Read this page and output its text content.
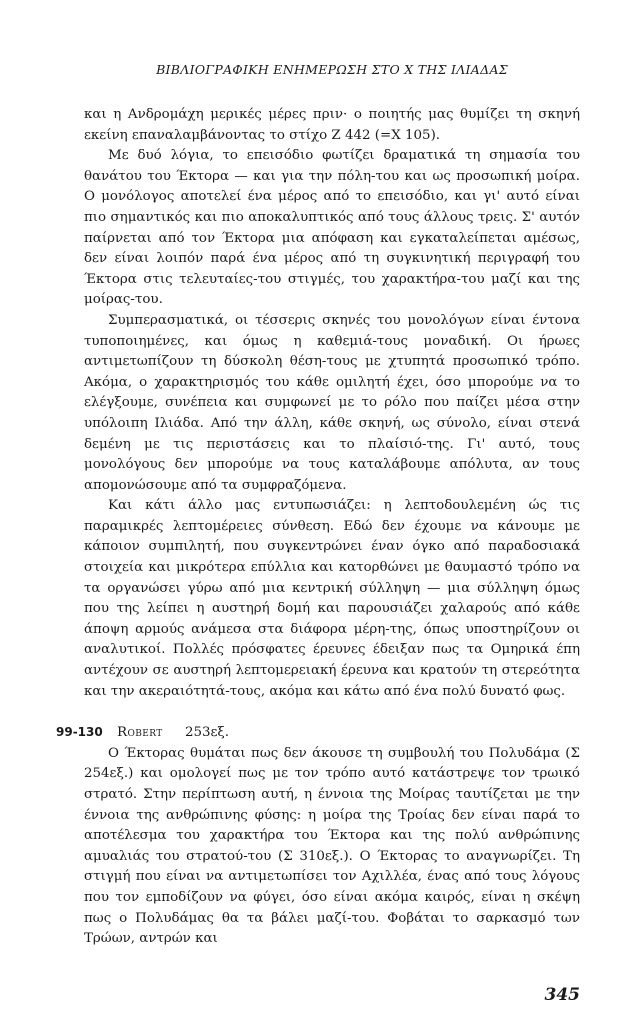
ΒΙΒΛΙΟΓΡΑΦΙΚΗ ΕΝΗΜΕΡΩΣΗ ΣΤΟ Χ ΤΗΣ ΙΛΙΑΔΑΣ

και η Ανδρομάχη μερικές μέρες πριν· ο ποιητής μας θυμίζει τη σκηνή εκείνη επαναλαμβάνοντας το στίχο Ζ 442 (=Χ 105).

Με δυό λόγια, το επεισόδιο φωτίζει δραματικά τη σημασία του θανάτου του Έκτορα — και για την πόλη-του και ως προσωπική μοίρα. Ο μονόλογος αποτελεί ένα μέρος από το επεισόδιο, και γι' αυτό είναι πιο σημαντικός και πιο αποκαλυπτικός από τους άλλους τρεις. Σ' αυτόν παίρνεται από τον Έκτορα μια απόφαση και εγκαταλείπεται αμέσως, δεν είναι λοιπόν παρά ένα μέρος από τη συγκινητική περιγραφή του Έκτορα στις τελευταίες-του στιγμές, του χαρακτήρα-του μαζί και της μοίρας-του.

Συμπερασματικά, οι τέσσερις σκηνές του μονολόγων είναι έντονα τυποποιημένες, και όμως η καθεμιά-τους μοναδική. Οι ήρωες αντιμετωπίζουν τη δύσκολη θέση-τους με χτυπητά προσωπικό τρόπο. Ακόμα, ο χαρακτηρισμός του κάθε ομιλητή έχει, όσο μπορούμε να το ελέγξουμε, συνέπεια και συμφωνεί με το ρόλο που παίζει μέσα στην υπόλοιπη Ιλιάδα. Από την άλλη, κάθε σκηνή, ως σύνολο, είναι στενά δεμένη με τις περιστάσεις και το πλαίσιό-της. Γι' αυτό, τους μονολόγους δεν μπορούμε να τους καταλάβουμε απόλυτα, αν τους απομονώσουμε από τα συμφραζόμενα.

Και κάτι άλλο μας εντυπωσιάζει: η λεπτοδουλεμένη ώς τις παραμικρές λεπτομέρειες σύνθεση. Εδώ δεν έχουμε να κάνουμε με κάποιον συμπιλητή, που συγκεντρώνει έναν όγκο από παραδοσιακά στοιχεία και μικρότερα επύλλια και κατορθώνει με θαυμαστό τρόπο να τα οργανώσει γύρω από μια κεντρική σύλληψη — μια σύλληψη όμως που της λείπει η αυστηρή δομή και παρουσιάζει χαλαρούς από κάθε άποψη αρμούς ανάμεσα στα διάφορα μέρη-της, όπως υποστηρίζουν οι αναλυτικοί. Πολλές πρόσφατες έρευνες έδειξαν πως τα Ομηρικά έπη αντέχουν σε αυστηρή λεπτομερειακή έρευνα και κρατούν τη στερεότητα και την ακεραιότητά-τους, ακόμα και κάτω από ένα πολύ δυνατό φως.

99-130 Robert 253εξ.

Ο Έκτορας θυμάται πως δεν άκουσε τη συμβουλή του Πολυδάμα (Σ 254εξ.) και ομολογεί πως με τον τρόπο αυτό κατάστρεψε τον τρωικό στρατό. Στην περίπτωση αυτή, η έννοια της Μοίρας ταυτίζεται με την έννοια της ανθρώπινης φύσης: η μοίρα της Τροίας δεν είναι παρά το αποτέλεσμα του χαρακτήρα του Έκτορα και της πολύ ανθρώπινης αμυαλιάς του στρατού-του (Σ 310εξ.). Ο Έκτορας το αναγνωρίζει. Τη στιγμή που είναι να αντιμετωπίσει τον Αχιλλέα, ένας από τους λόγους που τον εμποδίζουν να φύγει, όσο είναι ακόμα καιρός, είναι η σκέψη πως ο Πολυδάμας θα τα βάλει μαζί-του. Φοβάται το σαρκασμό των Τρώων, αντρών και

345
